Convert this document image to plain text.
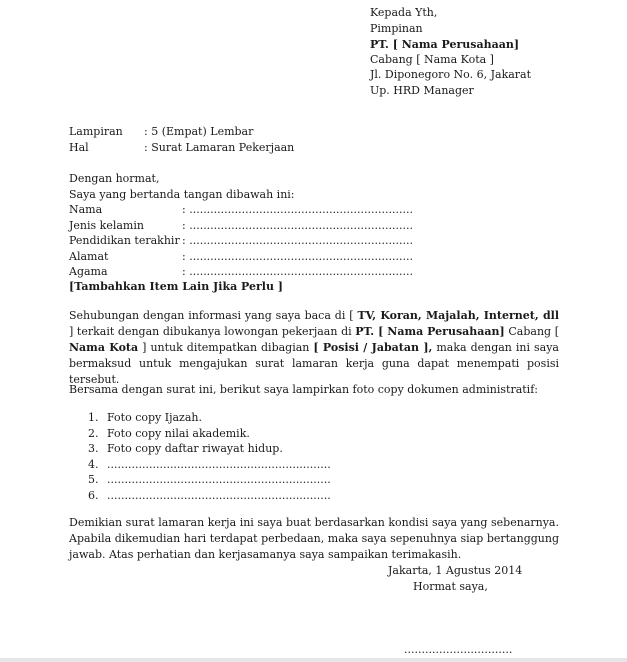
Kepada Yth,
Pimpinan
PT. [ Nama Perusahaan]
Cabang [ Nama Kota ]
Jl. Diponegoro No. 6, Jakarat
Up. HRD Manager
Lampiran : 5 (Empat) Lembar
Hal	: Surat Lamaran Pekerjaan
Dengan hormat,
Saya yang bertanda tangan dibawah ini:
Nama	: ................................................................
Jenis kelamin	: ................................................................
Pendidikan terakhir : ................................................................
Alamat	: ................................................................
Agama	: ................................................................
[Tambahkan Item Lain Jika Perlu ]
Sehubungan dengan informasi yang saya baca di [ TV, Koran, Majalah, Internet, dll ] terkait dengan dibukanya lowongan pekerjaan di PT. [ Nama Perusahaan] Cabang [ Nama Kota ] untuk ditempatkan dibagian [ Posisi / Jabatan ], maka dengan ini saya bermaksud untuk mengajukan surat lamaran kerja guna dapat menempati posisi tersebut.
Bersama dengan surat ini, berikut saya lampirkan foto copy dokumen administratif:
1. Foto copy Ijazah.
2. Foto copy nilai akademik.
3. Foto copy daftar riwayat hidup.
4. ................................................................
5. ................................................................
6. ................................................................
Demikian surat lamaran kerja ini saya buat berdasarkan kondisi saya yang sebenarnya. Apabila dikemudian hari terdapat perbedaan, maka saya sepenuhnya siap bertanggung jawab. Atas perhatian dan kerjasamanya saya sampaikan terimakasih.
Jakarta, 1 Agustus 2014
Hormat saya,
...............................
